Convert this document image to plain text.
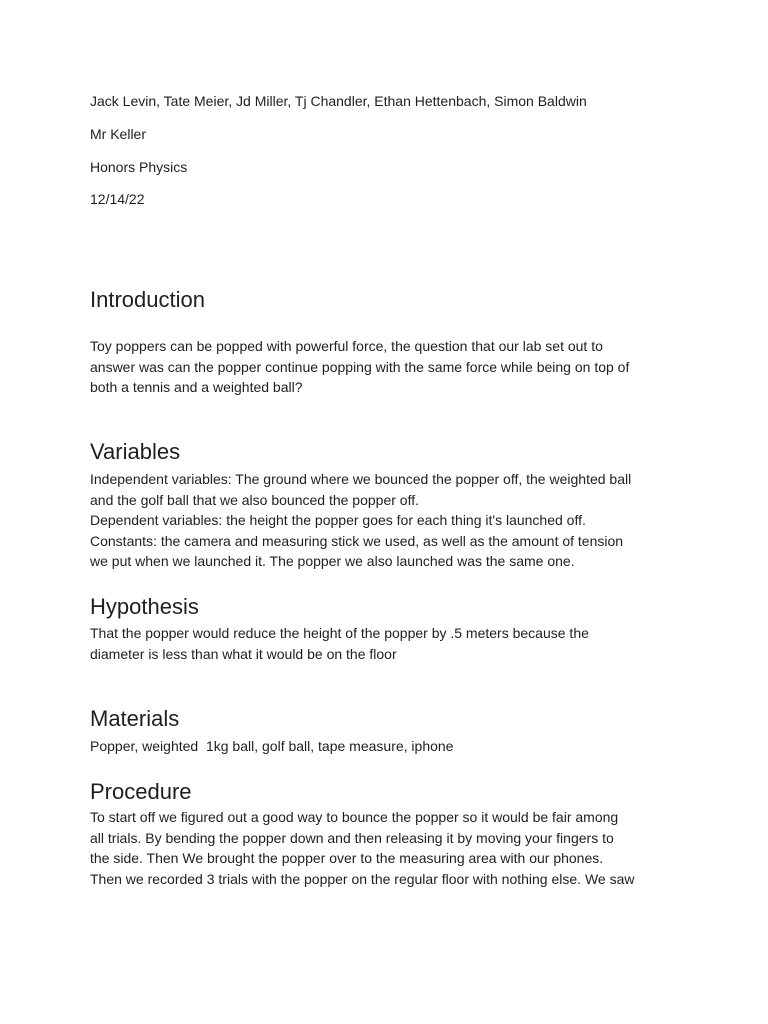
Jack Levin, Tate Meier, Jd Miller, Tj Chandler, Ethan Hettenbach, Simon Baldwin
Mr Keller
Honors Physics
12/14/22
Introduction
Toy poppers can be popped with powerful force, the question that our lab set out to
answer was can the popper continue popping with the same force while being on top of
both a tennis and a weighted ball?
Variables
Independent variables: The ground where we bounced the popper off, the weighted ball
and the golf ball that we also bounced the popper off.
Dependent variables: the height the popper goes for each thing it's launched off.
Constants: the camera and measuring stick we used, as well as the amount of tension
we put when we launched it. The popper we also launched was the same one.
Hypothesis
That the popper would reduce the height of the popper by .5 meters because the
diameter is less than what it would be on the floor
Materials
Popper, weighted  1kg ball, golf ball, tape measure, iphone
Procedure
To start off we figured out a good way to bounce the popper so it would be fair among
all trials. By bending the popper down and then releasing it by moving your fingers to
the side. Then We brought the popper over to the measuring area with our phones.
Then we recorded 3 trials with the popper on the regular floor with nothing else. We saw
